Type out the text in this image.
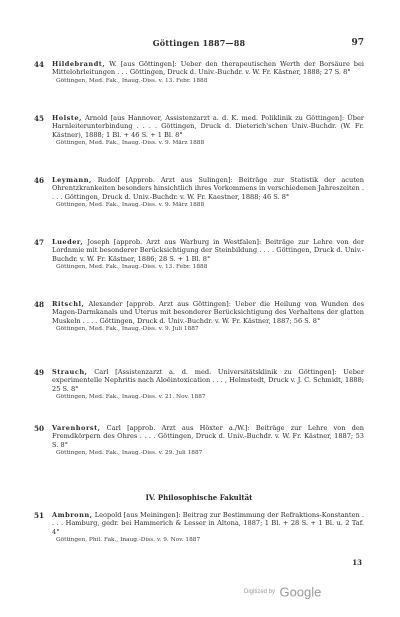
Göttingen 1887—88	97
44	Hildebrandt, W. [aus Göttingen]: Ueber den therapeutischen Werth der Borsäure bei Mittelohrleitungen . . . Göttingen, Druck d. Univ.-Buchdr. v. W. Fr. Kästner, 1888; 27 S. 8°
Göttingen, Med. Fak., Inaug.-Diss. v. 13. Febr. 1888
45	Holste, Arnold [aus Hannover, Assistenzarzt a. d. K. med. Poliklinik zu Göttingen]: Über Harnleiterunterbindung . . . . Göttingen, Druck d. Dieterich'schen Univ.-Buchdr. (W. Fr. Kästner), 1888; 1 Bl. + 46 S. + 1 Bl. 8°
Göttingen, Med. Fak., Inaug.-Diss. v. 9. März 1888
46	Leymann, Rudolf [Approb. Arzt aus Sulingen]: Beiträge zur Statistik der acuten Ohrentzkrankeiten besonders hinsichtlich ihres Vorkommens in verschiedenen Jahreszeiten . . . . Göttingen, Druck d. Univ.-Buchdr. v. W. Fr. Kaestner, 1888; 46 S. 8°
Göttingen, Med. Fak., Inaug.-Diss. v. 9. März 1888
47	Lueder, Joseph [approb. Arzt aus Warburg in Westfalen]: Beiträge zur Lehre von der Lordnmie mit besonderer Berücksichtigung der Steinbildung . . . . Göttingen, Druck d. Univ.-Buchdr. v. W. Fr. Kästner, 1886; 28 S. + 1 Bl. 8°
Göttingen, Med. Fak., Inaug.-Diss. v. 13. Febr. 1888
48	Ritschl, Alexander [approb. Arzt aus Göttingen]: Ueber die Heilung von Wunden des Magen-Darmkanals und Uterus mit besonderer Berücksichtigung des Verhaltens der glatten Muskeln . . . . Göttingen, Druck d. Univ.-Buchdr. v. W. Fr. Kästner, 1887; 56 S. 8°
Göttingen, Med. Fak., Inaug.-Diss. v. 9. Juli 1887
49	Strauch, Carl [Assistenzarzt a. d. med. Universitätsklinik zu Göttingen]: Ueber experimentelle Nephritis nach Aloëintoxication . . . , Helmstedt, Druck v. J. C. Schmidt, 1888; 25 S. 8°
Göttingen, Med. Fak., Inaug.-Diss. v. 21. Nov. 1887
50	Varenhorst, Carl [approb. Arzt aus Höxter a./W.]: Beiträge zur Lehre von den Fremdkörpern des Ohres . . . . Göttingen, Druck d. Univ.-Buchdr. v. W. Fr. Kästner, 1887; 53 S. 8°
Göttingen, Med. Fak., Inaug.-Diss. v. 29. Juli 1887
IV. Philosophische Fakultät
51	Ambronn, Leopold [aus Meiningen]: Beitrag zur Bestimmung der Refraktions-Konstanten . . . . Hamburg, gedr. bei Hammerich & Lesser in Altona, 1887; 1 Bl. + 28 S. + 1 Bl. u. 2 Taf. 4°
Göttingen, Phil. Fak., Inaug.-Diss. v. 9. Nov. 1887
13
Digitized by Google
